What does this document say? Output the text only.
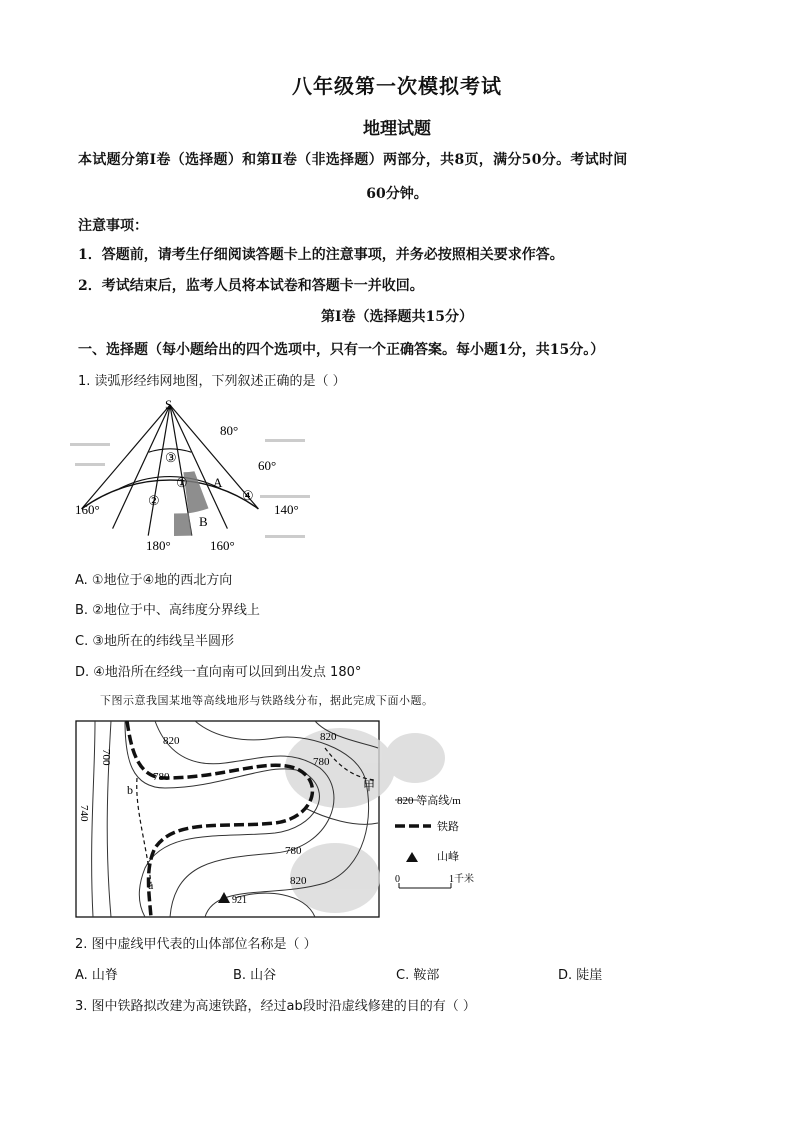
八年级第一次模拟考试
地理试题
本试题分第Ⅰ卷（选择题）和第Ⅱ卷（非选择题）两部分，共8页，满分50分。考试时间
60分钟。
注意事项：
1．答题前，请考生仔细阅读答题卡上的注意事项，并务必按照相关要求作答。
2．考试结束后，监考人员将本试卷和答题卡一并收回。
第Ⅰ卷（选择题共15分）
一、选择题（每小题给出的四个选项中，只有一个正确答案。每小题1分，共15分。）
1. 读弧形经纬网地图，下列叙述正确的是（ ）
S
80°
60°
160°
180°	160°
140°
③
① A
②	④
B
A. ①地位于④地的西北方向
B. ②地位于中、高纬度分界线上
C. ③地所在的纬线呈半圆形
D. ④地沿所在经线一直向南可以回到出发点 180°
下图示意我国某地等高线地形与铁路线分布，据此完成下面小题。
820
780
700
740
820
780
780
820
b
a
甲
921
820 等高线/m
铁路
山峰
0	1千米
2. 图中虚线甲代表的山体部位名称是（ ）
A. 山脊	B. 山谷	C. 鞍部	D. 陡崖
3. 图中铁路拟改建为高速铁路，经过ab段时沿虚线修建的目的有（ ）
